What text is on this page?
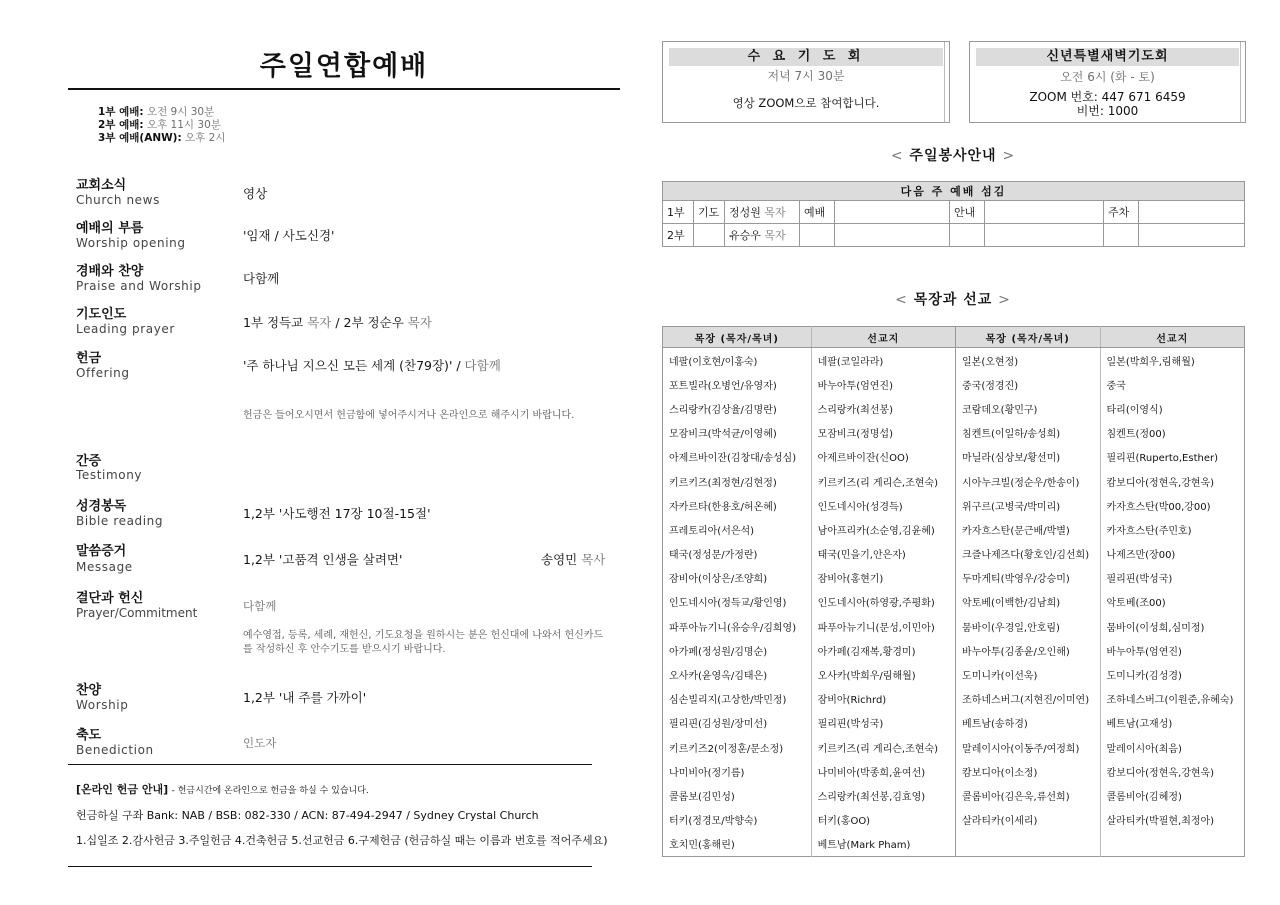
주일연합예배
1부 예배: 오전 9시 30분
2부 예배: 오후 11시 30분
3부 예배(ANW): 오후 2시
교회소식
Church news	영상
예배의 부름
Worship opening	'임재 / 사도신경'
경배와 찬양
Praise and Worship	다함께
기도인도
Leading prayer	1부 정득교 목자 / 2부 정순우 목자
헌금
Offering	'주 하나님 지으신 모든 세계 (찬79장)' / 다함께
헌금은 들어오시면서 헌금함에 넣어주시거나 온라인으로 해주시기 바랍니다.
간증
Testimony
성경봉독
Bible reading	1,2부 '사도행전 17장 10절-15절'
말씀증거
Message	1,2부 '고품격 인생을 살려면'	송영민 목사
결단과 헌신
Prayer/Commitment	다함께
예수영접, 등록, 세례, 재헌신, 기도요청을 원하시는 분은 헌신대에 나와서 헌신카드를 작성하신 후 안수기도를 받으시기 바랍니다.
찬양
Worship	1,2부 '내 주를 가까이'
축도
Benediction	인도자
[온라인 헌금 안내] - 헌금시간에 온라인으로 헌금을 하실 수 있습니다.
헌금하실 구좌 Bank: NAB / BSB: 082-330 / ACN: 87-494-2947 / Sydney Crystal Church
1.십일조 2.감사헌금 3.주일헌금 4.건축헌금 5.선교헌금 6.구제헌금 (헌금하실 때는 이름과 번호를 적어주세요)
수 요 기 도 회
저녁 7시 30분
영상 ZOOM으로 참여합니다.
신년특별새벽기도회
오전 6시 (화 - 토)
ZOOM 번호: 447 671 6459
비번: 1000
< 주일봉사안내 >
다음 주 예배 섬김								
1부	기도	정성원 목자	예배		안내		주차	
2부		유승우 목자						
< 목장과 선교 >
목장 (목자/목녀)	선교지	목장 (목자/목녀)	선교지
네팔(이호현/이홍숙)	네팔(코일라라)	일본(오현정)	일본(박희우,림해월)
포트빌라(오병언/유영자)	바누아투(엄연진)	중국(정경진)	중국
스리랑카(김상율/김명란)	스리랑카(최선봉)	코람데오(황민구)	타리(이영식)
모잠비크(박석균/이영혜)	모잠비크(정명섭)	침켄트(이일하/송성희)	침켄트(정00)
아제르바이잔(김창대/송성심)	아제르바이잔(신OO)	마닐라(심상보/황선미)	필리핀(Ruperto,Esther)
키르키즈(최정현/김현정)	키르키즈(리 게리슨,조현숙)	시아누크빌(정순우/한송이)	캄보디아(정현옥,강현욱)
자카르타(한용호/허온혜)	인도네시아(성경득)	위구르(고병국/박미리)	카자흐스탄(박00,강00)
프레토리아(서은석)	남아프리카(소순영,김윤혜)	카자흐스탄(문근배/박별)	카자흐스탄(주민호)
태국(정성문/가정란)	태국(민을기,안은자)	크즐나제즈다(황호인/김선희)	나제즈만(장00)
잠비아(이상은/조양희)	잠비아(홍현기)	두마게티(박영우/강승미)	필리핀(박성국)
인도네시아(정득교/황인영)	인도네시아(하영광,주평화)	악토베(이백한/김남희)	악토베(조00)
파푸아뉴기니(유승우/김희영)	파푸아뉴기니(문성,이민아)	뭄바이(우경일,안호림)	뭄바이(이성희,심미정)
아가페(정성원/김명순)	아가페(김재복,황경미)	바누아투(김종윤/오인해)	바누아투(엄연진)
오사카(윤영옥/김태은)	오사카(박희우/림해월)	도미니카(이선욱)	도미니카(김성경)
심손빌리지(고상한/박민정)	잠비아(Richrd)	조하네스버그(지현진/이미연)	조하네스버그(이원준,유혜숙)
필리핀(김성원/장미선)	필리핀(박성국)	베트남(송하경)	베트남(고재성)
키르키즈2(이정훈/문소정)	키르키즈(리 게리슨,조현숙)	말레이시아(이동주/여정희)	말레이시아(최음)
나미비아(정기름)	나미비아(박종희,윤여선)	캄보디아(이소정)	캄보디아(정현옥,강현욱)
콜롬보(김민성)	스리랑카(최선봉,김효영)	콜롬비아(김은욱,류선희)	콜롬비아(김혜정)
터키(정경모/박향숙)	터키(홍OO)	살라티카(이세리)	살라티카(박필현,최정아)
호치민(홍해린)	베트남(Mark Pham)		
